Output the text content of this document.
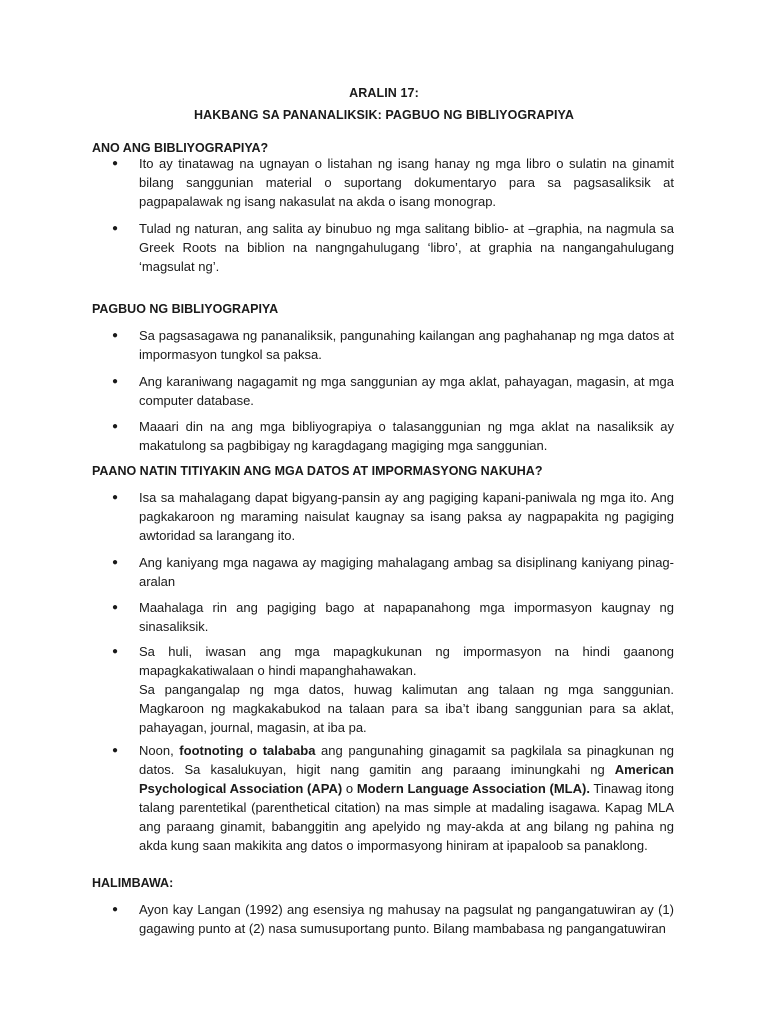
ARALIN 17:
HAKBANG SA PANANALIKSIK: PAGBUO NG BIBLIYOGRAPIYA
ANO ANG BIBLIYOGRAPIYA?
● Ito ay tinatawag na ugnayan o listahan ng isang hanay ng mga libro o sulatin na ginamit bilang sanggunian material o suportang dokumentaryo para sa pagsasaliksik at pagpapalawak ng isang nakasulat na akda o isang monograp.
● Tulad ng naturan, ang salita ay binubuo ng mga salitang biblio- at –graphia, na nagmula sa Greek Roots na biblion na nangngahulugang ‘libro’, at graphia na nangangahulugang ‘magsulat ng’.
PAGBUO NG BIBLIYOGRAPIYA
● Sa pagsasagawa ng pananaliksik, pangunahing kailangan ang paghahanap ng mga datos at impormasyon tungkol sa paksa.
● Ang karaniwang nagagamit ng mga sanggunian ay mga aklat, pahayagan, magasin, at mga computer database.
● Maaari din na ang mga bibliyograpiya o talasanggunian ng mga aklat na nasaliksik ay makatulong sa pagbibigay ng karagdagang magiging mga sanggunian.
PAANO NATIN TITIYAKIN ANG MGA DATOS AT IMPORMASYONG NAKUHA?
● Isa sa mahalagang dapat bigyang-pansin ay ang pagiging kapani-paniwala ng mga ito. Ang pagkakaroon ng maraming naisulat kaugnay sa isang paksa ay nagpapakita ng pagiging awtoridad sa larangang ito.
● Ang kaniyang mga nagawa ay magiging mahalagang ambag sa disiplinang kaniyang pinag-aralan
● Maahalaga rin ang pagiging bago at napapanahong mga impormasyon kaugnay ng sinasaliksik.
● Sa huli, iwasan ang mga mapagkukunan ng impormasyon na hindi gaanong mapagkakatiwalaan o hindi mapanghahawakan.
Sa pangangalap ng mga datos, huwag kalimutan ang talaan ng mga sanggunian. Magkaroon ng magkakabukod na talaan para sa iba’t ibang sanggunian para sa aklat, pahayagan, journal, magasin, at iba pa.
● Noon, footnoting o talababa ang pangunahing ginagamit sa pagkilala sa pinagkunan ng datos. Sa kasalukuyan, higit nang gamitin ang paraang iminungkahi ng American Psychological Association (APA) o Modern Language Association (MLA). Tinawag itong talang parentetikal (parenthetical citation) na mas simple at madaling isagawa. Kapag MLA ang paraang ginamit, babanggitin ang apelyido ng may-akda at ang bilang ng pahina ng akda kung saan makikita ang datos o impormasyong hiniram at ipapaloob sa panaklong.
HALIMBAWA:
● Ayon kay Langan (1992) ang esensiya ng mahusay na pagsulat ng pangangatuwiran ay (1) gagawing punto at (2) nasa sumusuportang punto. Bilang mambabasa ng pangangatuwiran
